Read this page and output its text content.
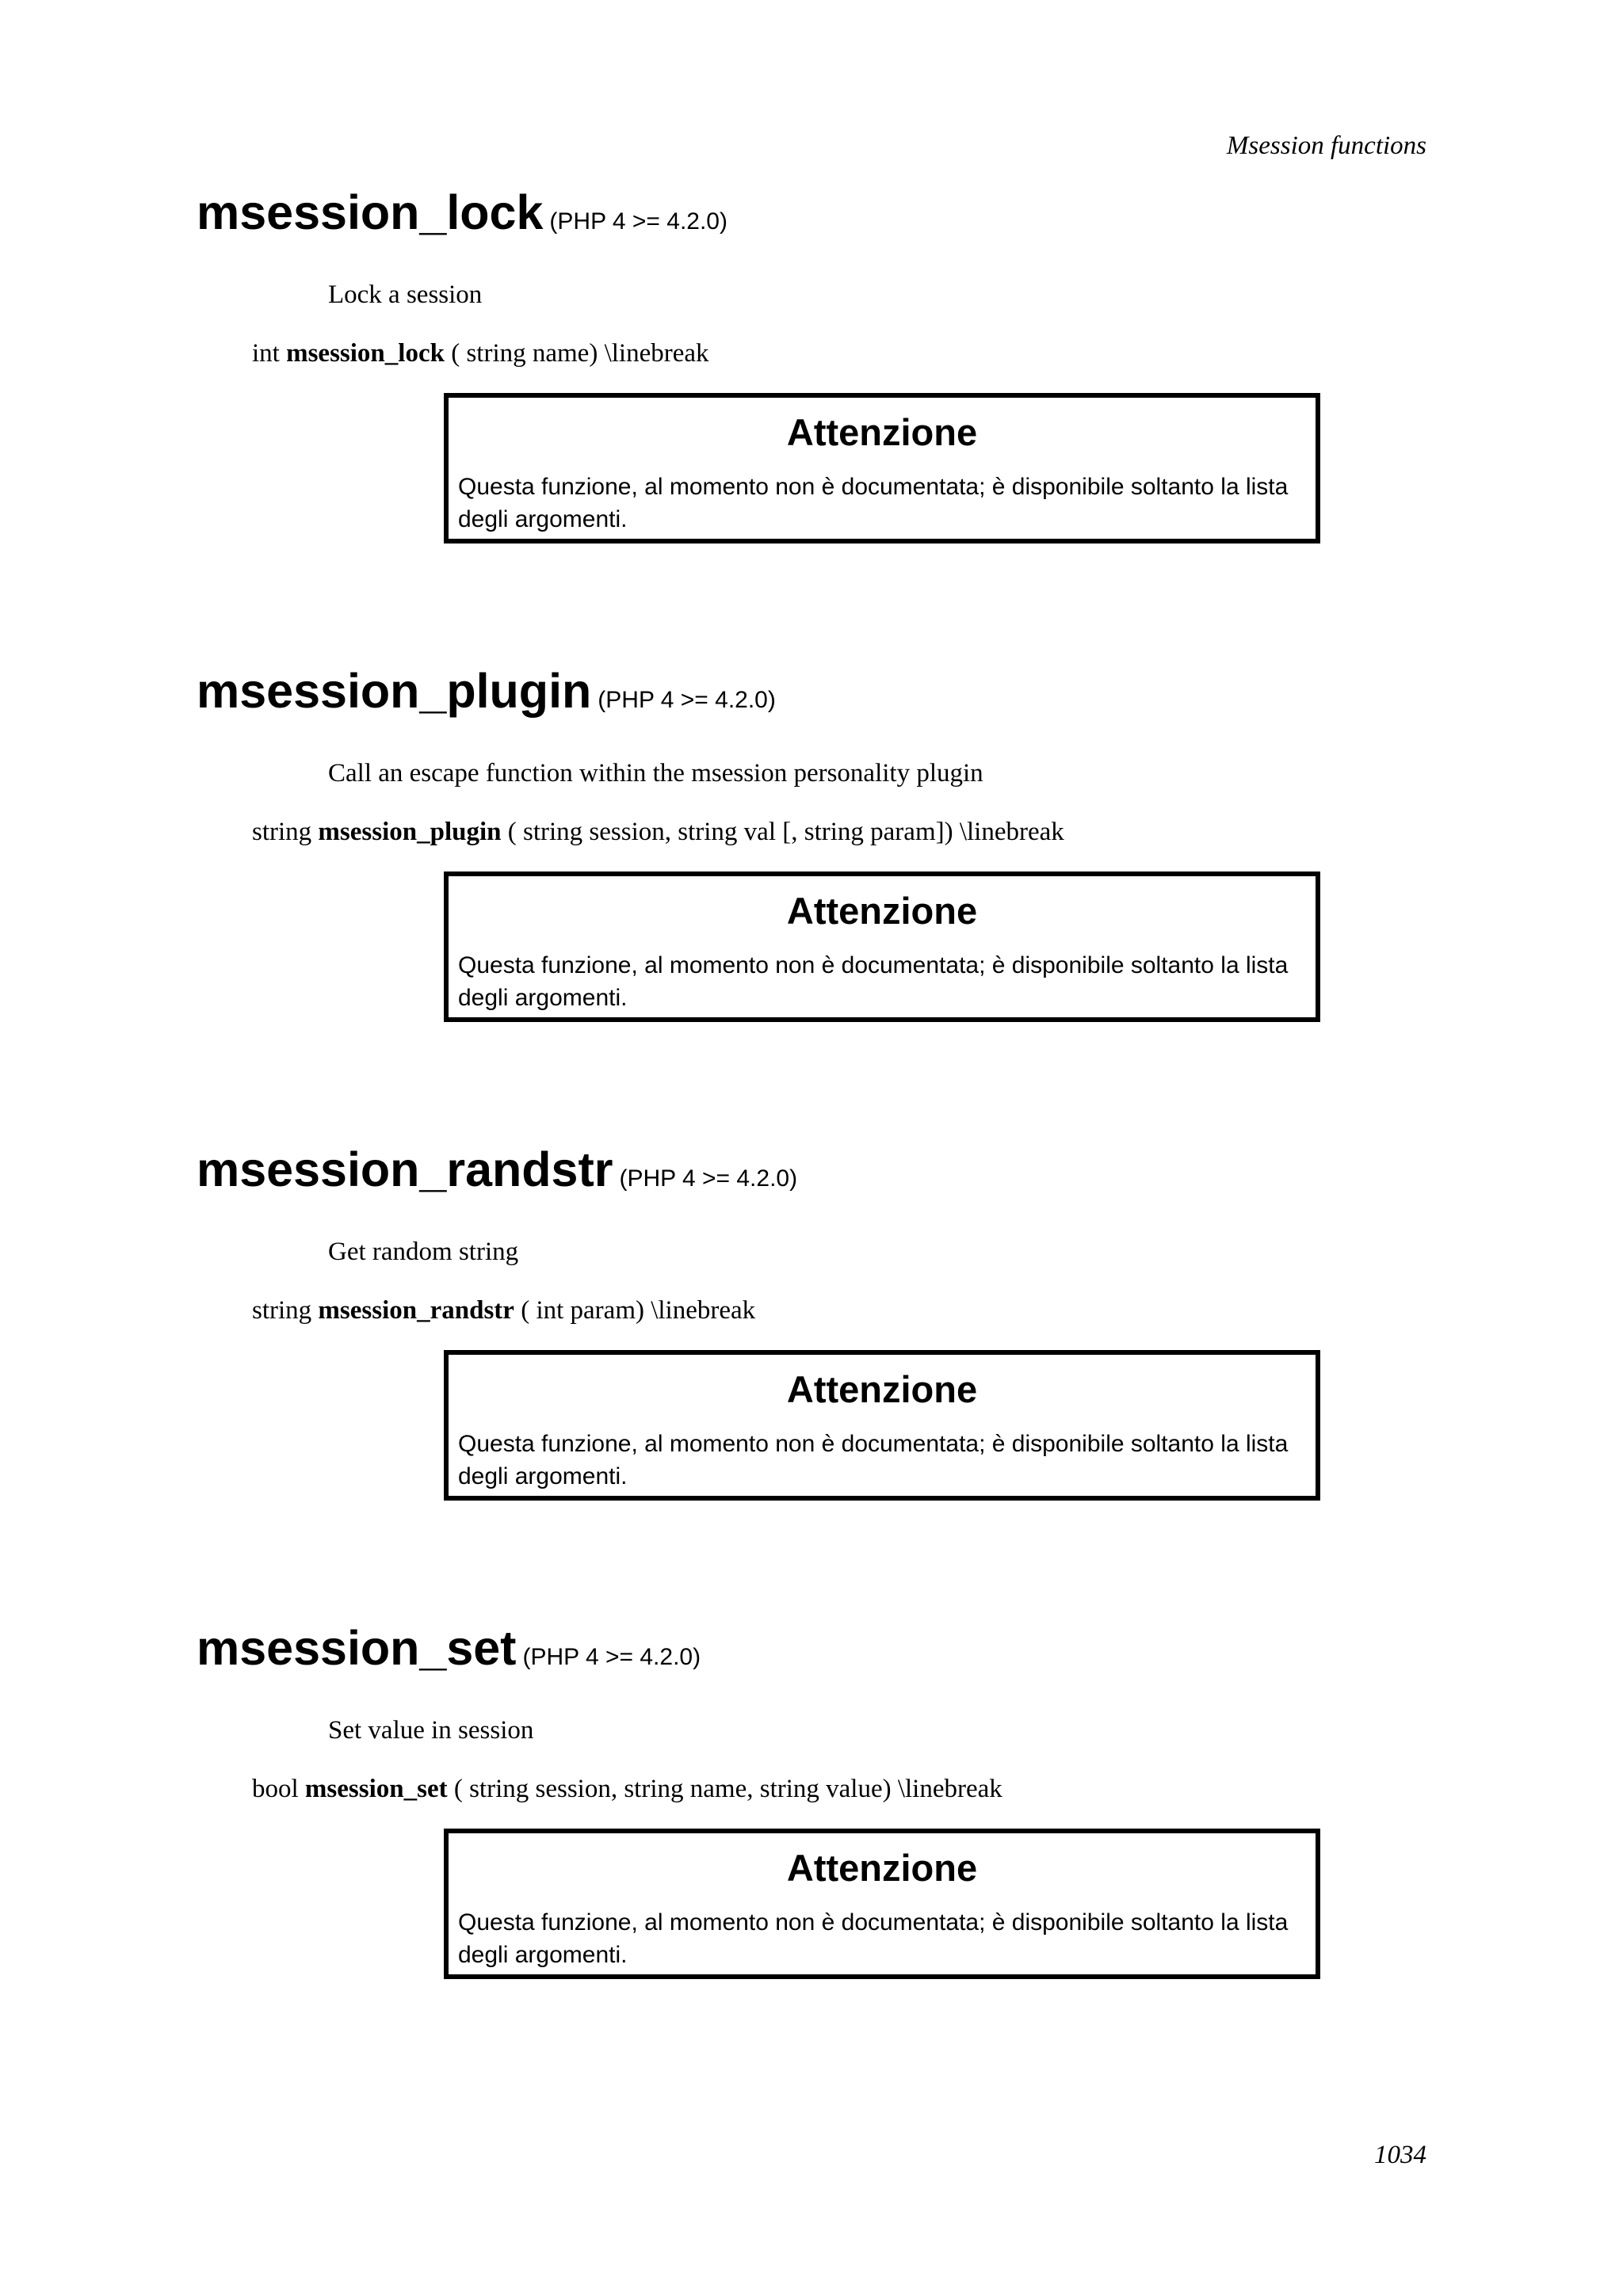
Msession functions
msession_lock (PHP 4 >= 4.2.0)
Lock a session
int msession_lock ( string name) \linebreak
Attenzione
Questa funzione, al momento non è documentata; è disponibile soltanto la lista degli argomenti.
msession_plugin (PHP 4 >= 4.2.0)
Call an escape function within the msession personality plugin
string msession_plugin ( string session, string val [, string param]) \linebreak
Attenzione
Questa funzione, al momento non è documentata; è disponibile soltanto la lista degli argomenti.
msession_randstr (PHP 4 >= 4.2.0)
Get random string
string msession_randstr ( int param) \linebreak
Attenzione
Questa funzione, al momento non è documentata; è disponibile soltanto la lista degli argomenti.
msession_set (PHP 4 >= 4.2.0)
Set value in session
bool msession_set ( string session, string name, string value) \linebreak
Attenzione
Questa funzione, al momento non è documentata; è disponibile soltanto la lista degli argomenti.
1034
